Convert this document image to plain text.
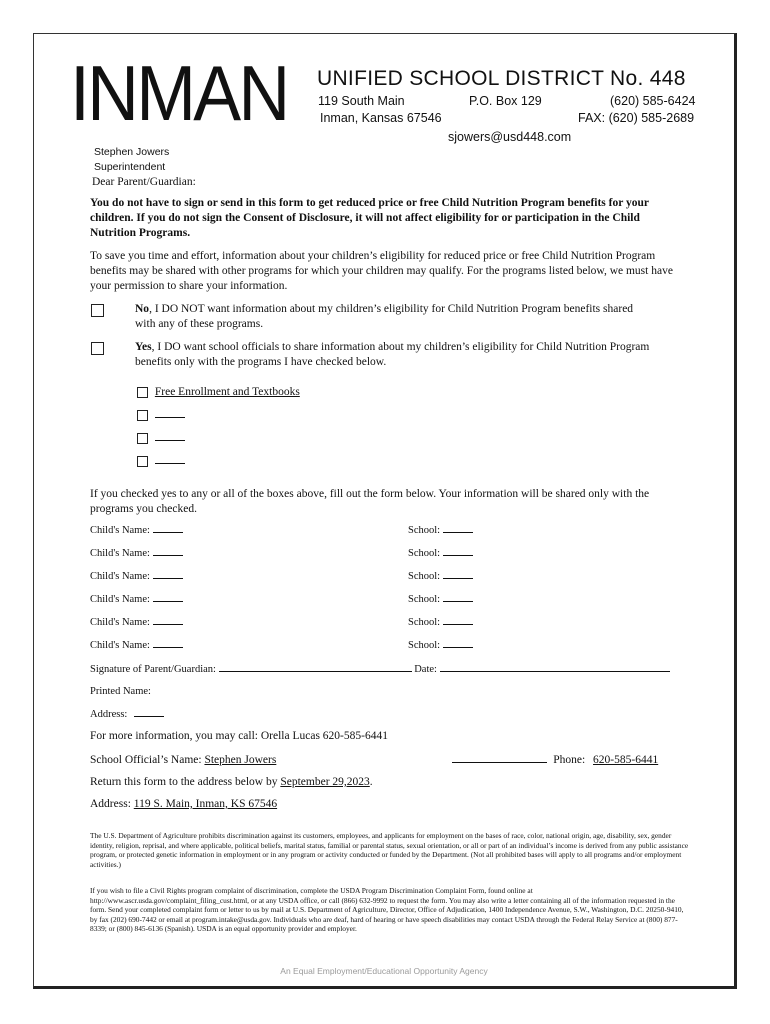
INMAN UNIFIED SCHOOL DISTRICT No. 448
119 South Main	P.O. Box 129	(620) 585-6424
Inman, Kansas 67546	FAX: (620) 585-2689
sjowers@usd448.com
Stephen Jowers
Superintendent
Dear Parent/Guardian:
You do not have to sign or send in this form to get reduced price or free Child Nutrition Program benefits for your children. If you do not sign the Consent of Disclosure, it will not affect eligibility for or participation in the Child Nutrition Programs.
To save you time and effort, information about your children’s eligibility for reduced price or free Child Nutrition Program benefits may be shared with other programs for which your children may qualify. For the programs listed below, we must have your permission to share your information.
No, I DO NOT want information about my children’s eligibility for Child Nutrition Program benefits shared with any of these programs.
Yes, I DO want school officials to share information about my children’s eligibility for Child Nutrition Program benefits only with the programs I have checked below.
Free Enrollment and Textbooks

If you checked yes to any or all of the boxes above, fill out the form below. Your information will be shared only with the programs you checked.
Child's Name:	School:
Child's Name:	School:
Child's Name:	School:
Child's Name:	School:
Child's Name:	School:
Child's Name:	School:
Signature of Parent/Guardian:	Date:
Printed Name:
Address:
For more information, you may call: Orella Lucas 620-585-6441
School Official’s Name: Stephen Jowers	Phone: 620-585-6441
Return this form to the address below by September 29,2023.
Address: 119 S. Main, Inman, KS 67546
The U.S. Department of Agriculture prohibits discrimination against its customers, employees, and applicants for employment on the bases of race, color, national origin, age, disability, sex, gender identity, religion, reprisal, and where applicable, political beliefs, marital status, familial or parental status, sexual orientation, or all or part of an individual’s income is derived from any public assistance program, or protected genetic information in employment or in any program or activity conducted or funded by the Department. (Not all prohibited bases will apply to all programs and/or employment activities.)
If you wish to file a Civil Rights program complaint of discrimination, complete the USDA Program Discrimination Complaint Form, found online at http://www.ascr.usda.gov/complaint_filing_cust.html, or at any USDA office, or call (866) 632-9992 to request the form. You may also write a letter containing all of the information requested in the form. Send your completed complaint form or letter to us by mail at U.S. Department of Agriculture, Director, Office of Adjudication, 1400 Independence Avenue, S.W., Washington, D.C. 20250-9410, by fax (202) 690-7442 or email at program.intake@usda.gov. Individuals who are deaf, hard of hearing or have speech disabilities may contact USDA through the Federal Relay Service at (800) 877-8339; or (800) 845-6136 (Spanish). USDA is an equal opportunity provider and employer.
An Equal Employment/Educational Opportunity Agency
